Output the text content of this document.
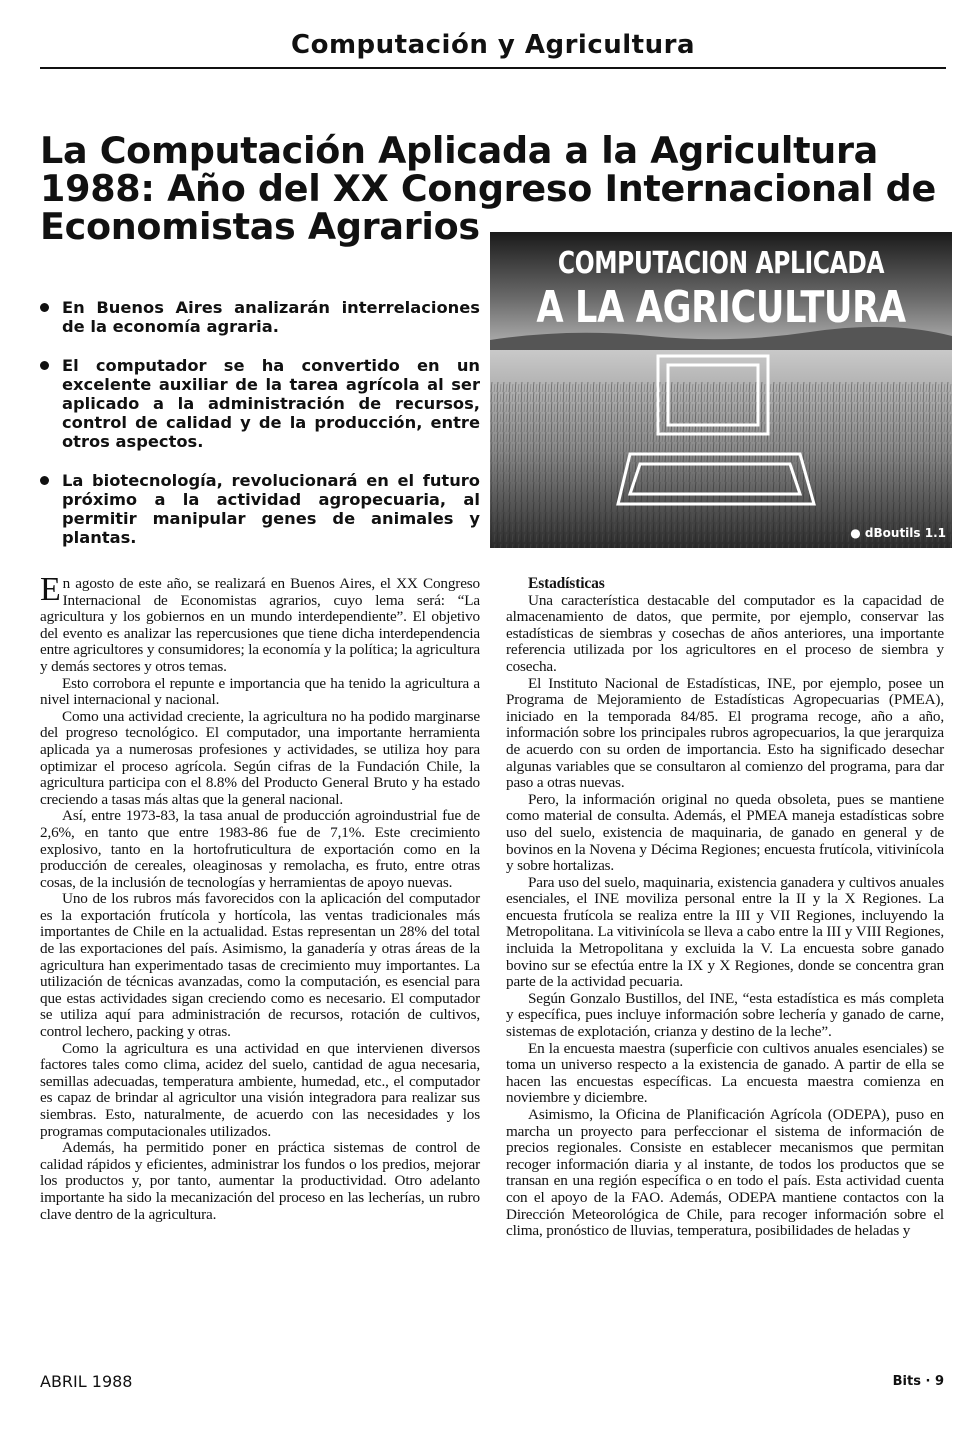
Computación y Agricultura
La Computación Aplicada a la Agricultura 1988: Año del XX Congreso Internacional de Economistas Agrarios
En Buenos Aires analizarán interrelaciones de la economía agraria.
El computador se ha convertido en un excelente auxiliar de la tarea agrícola al ser aplicado a la administración de recursos, control de calidad y de la producción, entre otros aspectos.
La biotecnología, revolucionará en el futuro próximo a la actividad agropecuaria, al permitir manipular genes de animales y plantas.
COMPUTACION APLICADA
A LA AGRICULTURA
● dBoutils 1.1

En agosto de este año, se realizará en Buenos Aires, el XX Congreso Internacional de Economistas agrarios, cuyo lema será: “La agricultura y los gobiernos en un mundo interdependiente”. El objetivo del evento es analizar las repercusiones que tiene dicha interdependencia entre agricultores y consumidores; la economía y la política; la agricultura y demás sectores y otros temas.

Esto corrobora el repunte e importancia que ha tenido la agricultura a nivel internacional y nacional.

Como una actividad creciente, la agricultura no ha podido marginarse del progreso tecnológico. El computador, una importante herramienta aplicada ya a numerosas profesiones y actividades, se utiliza hoy para optimizar el proceso agrícola. Según cifras de la Fundación Chile, la agricultura participa con el 8.8% del Producto General Bruto y ha estado creciendo a tasas más altas que la general nacional.

Así, entre 1973-83, la tasa anual de producción agroindustrial fue de 2,6%, en tanto que entre 1983-86 fue de 7,1%. Este crecimiento explosivo, tanto en la hortofruticultura de exportación como en la producción de cereales, oleaginosas y remolacha, es fruto, entre otras cosas, de la inclusión de tecnologías y herramientas de apoyo nuevas.

Uno de los rubros más favorecidos con la aplicación del computador es la exportación frutícola y hortícola, las ventas tradicionales más importantes de Chile en la actualidad. Estas representan un 28% del total de las exportaciones del país. Asimismo, la ganadería y otras áreas de la agricultura han experimentado tasas de crecimiento muy importantes. La utilización de técnicas avanzadas, como la computación, es esencial para que estas actividades sigan creciendo como es necesario. El computador se utiliza aquí para administración de recursos, rotación de cultivos, control lechero, packing y otras.

Como la agricultura es una actividad en que intervienen diversos factores tales como clima, acidez del suelo, cantidad de agua necesaria, semillas adecuadas, temperatura ambiente, humedad, etc., el computador es capaz de brindar al agricultor una visión integradora para realizar sus siembras. Esto, naturalmente, de acuerdo con las necesidades y los programas computacionales utilizados.

Además, ha permitido poner en práctica sistemas de control de calidad rápidos y eficientes, administrar los fundos o los predios, mejorar los productos y, por tanto, aumentar la productividad. Otro adelanto importante ha sido la mecanización del proceso en las lecherías, un rubro clave dentro de la agricultura.

Estadísticas

Una característica destacable del computador es la capacidad de almacenamiento de datos, que permite, por ejemplo, conservar las estadísticas de siembras y cosechas de años anteriores, una importante referencia utilizada por los agricultores en el proceso de siembra y cosecha.

El Instituto Nacional de Estadísticas, INE, por ejemplo, posee un Programa de Mejoramiento de Estadísticas Agropecuarias (PMEA), iniciado en la temporada 84/85. El programa recoge, año a año, información sobre los principales rubros agropecuarios, la que jerarquiza de acuerdo con su orden de importancia. Esto ha significado desechar algunas variables que se consultaron al comienzo del programa, para dar paso a otras nuevas.

Pero, la información original no queda obsoleta, pues se mantiene como material de consulta. Además, el PMEA maneja estadísticas sobre uso del suelo, existencia de maquinaria, de ganado en general y de bovinos en la Novena y Décima Regiones; encuesta frutícola, vitivinícola y sobre hortalizas.

Para uso del suelo, maquinaria, existencia ganadera y cultivos anuales esenciales, el INE moviliza personal entre la II y la X Regiones. La encuesta frutícola se realiza entre la III y VII Regiones, incluyendo la Metropolitana. La vitivinícola se lleva a cabo entre la III y VIII Regiones, incluida la Metropolitana y excluida la V. La encuesta sobre ganado bovino sur se efectúa entre la IX y X Regiones, donde se concentra gran parte de la actividad pecuaria.

Según Gonzalo Bustillos, del INE, “esta estadística es más completa y específica, pues incluye información sobre lechería y ganado de carne, sistemas de explotación, crianza y destino de la leche”.

En la encuesta maestra (superficie con cultivos anuales esenciales) se toma un universo respecto a la existencia de ganado. A partir de ella se hacen las encuestas específicas. La encuesta maestra comienza en noviembre y diciembre.

Asimismo, la Oficina de Planificación Agrícola (ODEPA), puso en marcha un proyecto para perfeccionar el sistema de información de precios regionales. Consiste en establecer mecanismos que permitan recoger información diaria y al instante, de todos los productos que se transan en una región específica o en todo el país. Esta actividad cuenta con el apoyo de la FAO. Además, ODEPA mantiene contactos con la Dirección Meteorológica de Chile, para recoger información sobre el clima, pronóstico de lluvias, temperatura, posibilidades de heladas y

ABRIL 1988	Bits · 9
